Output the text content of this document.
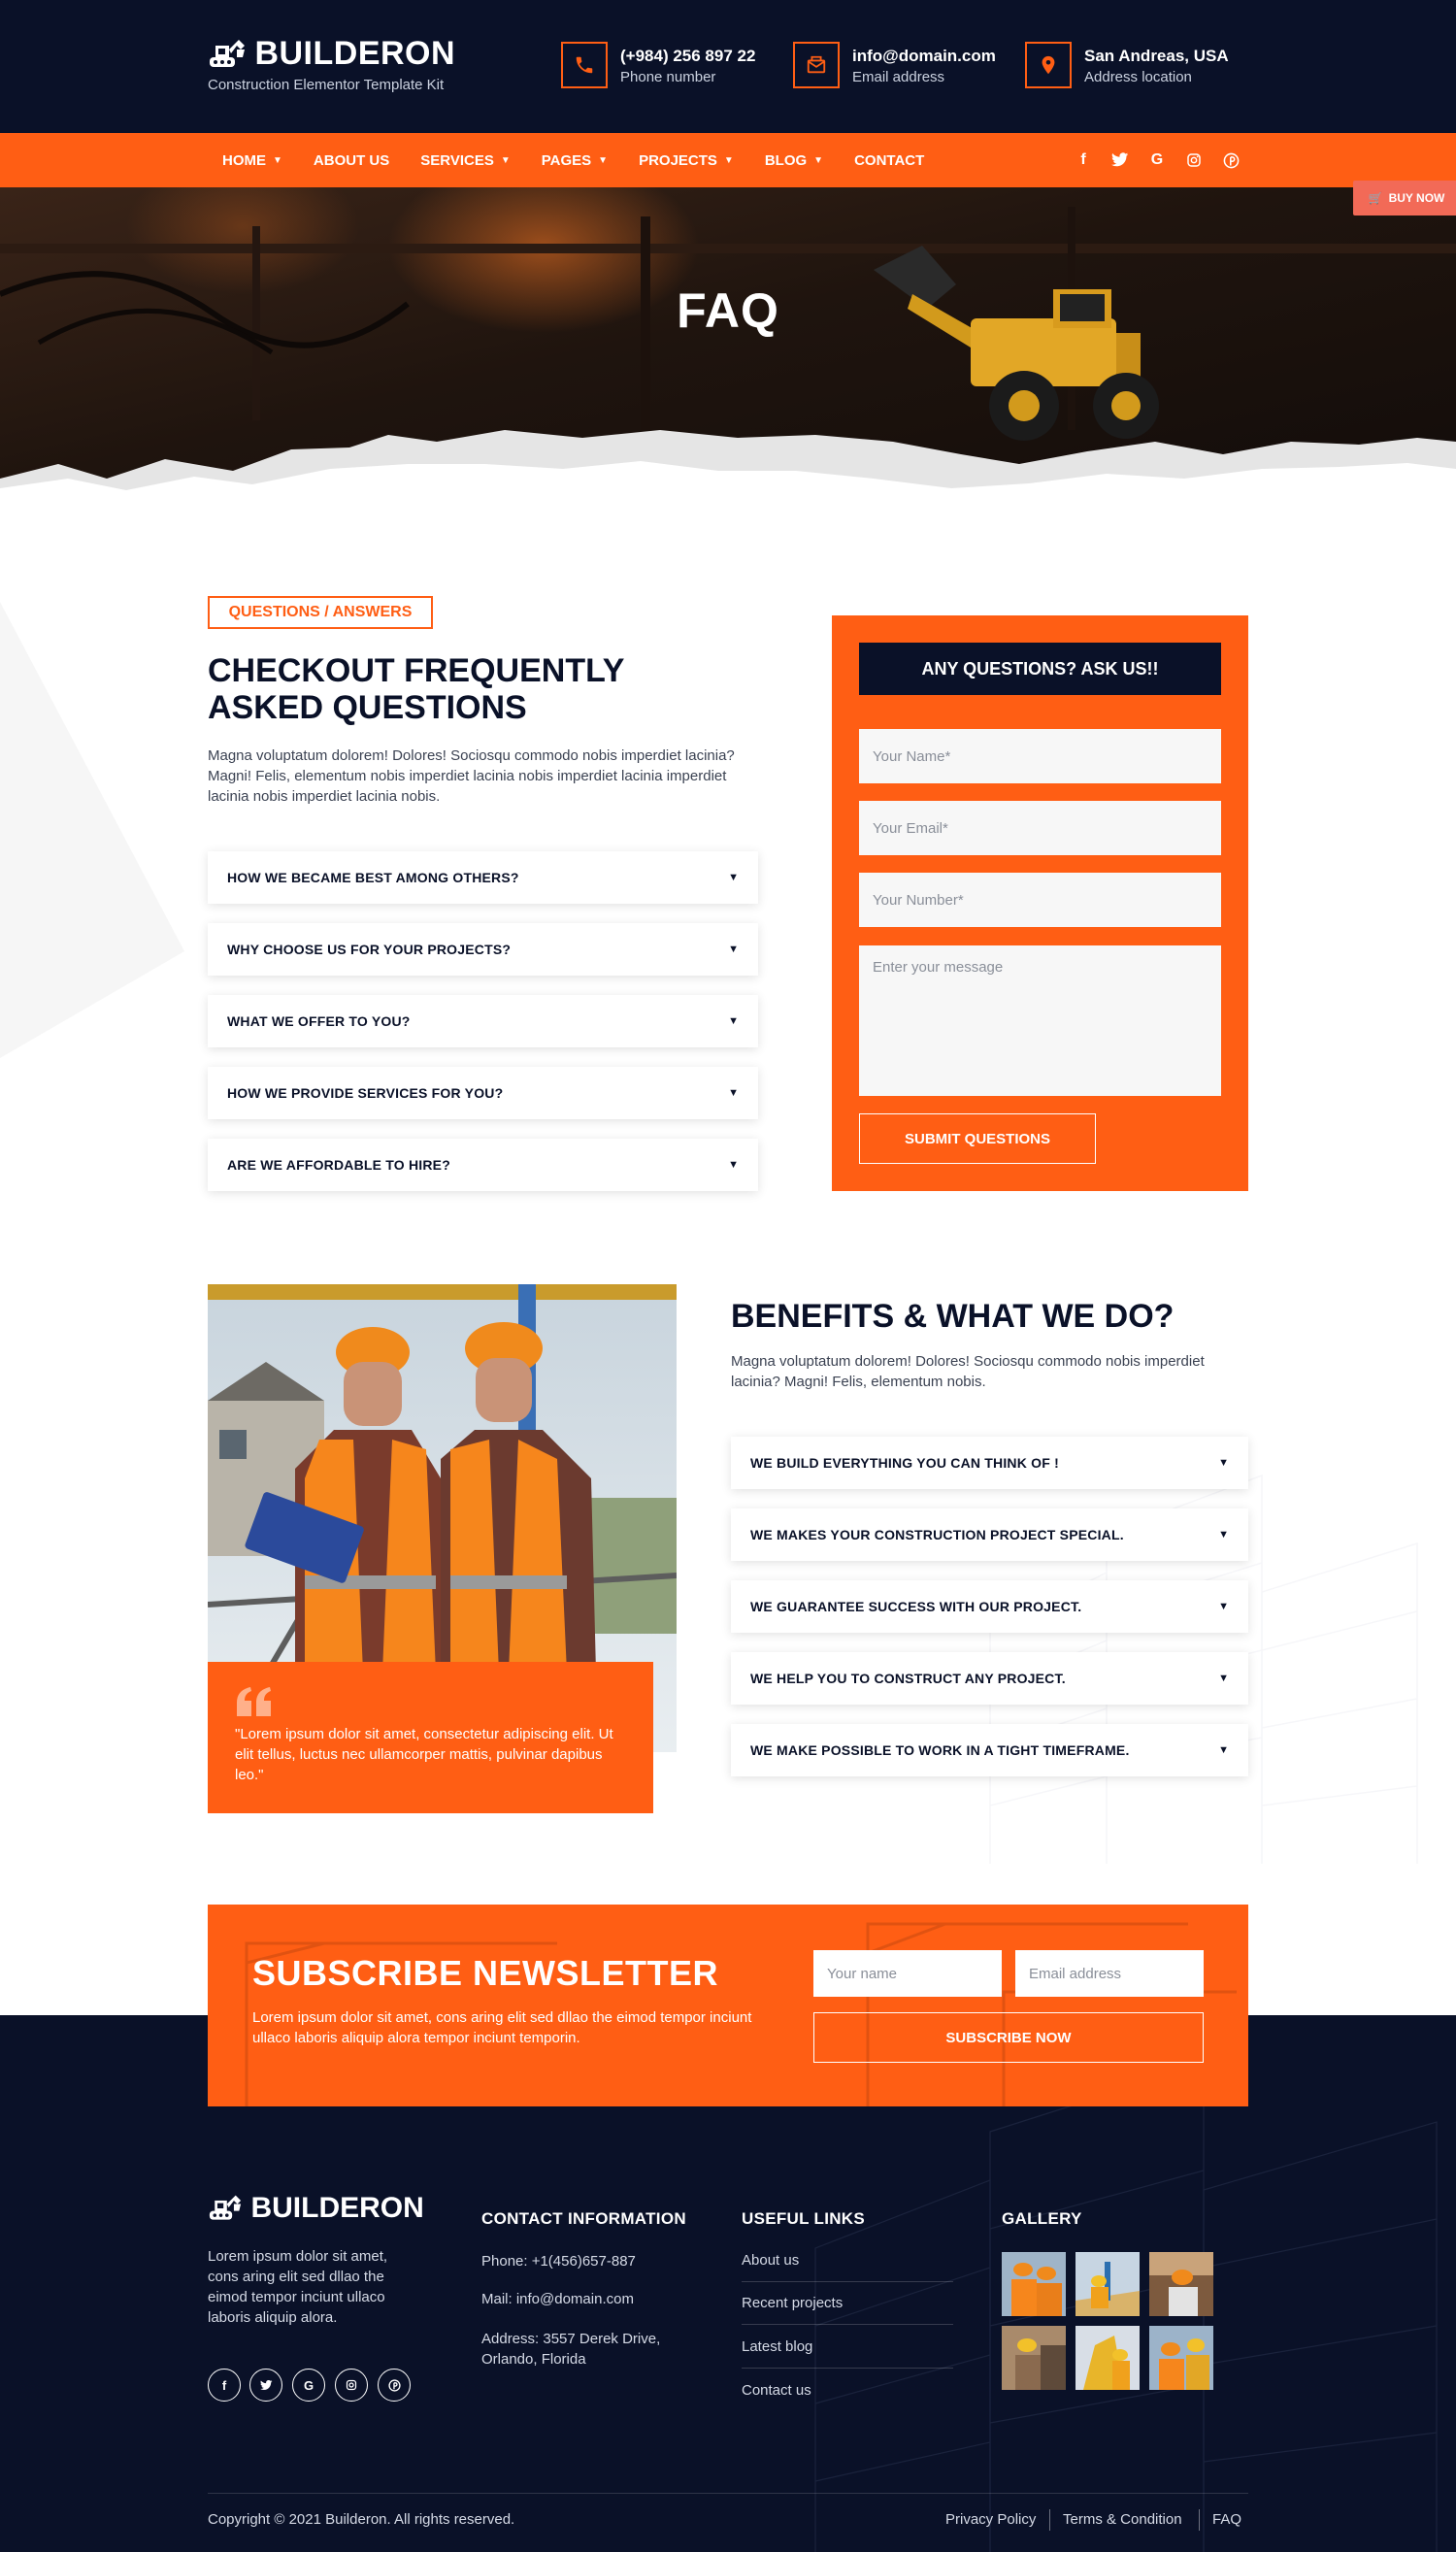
BUILDERON
Construction Elementor Template Kit
(+984) 256 897 22
Phone number
info@domain.com
Email address
San Andreas, USA
Address location
HOME ▼ ABOUT US SERVICES ▼ PAGES ▼ PROJECTS ▼ BLOG ▼ CONTACT	f	G
FAQ
🛒 BUY NOW
QUESTIONS / ANSWERS
CHECKOUT FREQUENTLY
ASKED QUESTIONS
Magna voluptatum dolorem! Dolores! Sociosqu commodo nobis imperdiet lacinia? Magni! Felis, elementum nobis imperdiet lacinia nobis imperdiet lacinia imperdiet lacinia nobis imperdiet lacinia nobis.
HOW WE BECAME BEST AMONG OTHERS?	▼
WHY CHOOSE US FOR YOUR PROJECTS?	▼
WHAT WE OFFER TO YOU?	▼
HOW WE PROVIDE SERVICES FOR YOU?	▼
ARE WE AFFORDABLE TO HIRE?	▼
ANY QUESTIONS? ASK US!!
Your Name*
Your Email*
Your Number*
Enter your message
SUBMIT QUESTIONS
"Lorem ipsum dolor sit amet, consectetur adipiscing elit. Ut elit tellus, luctus nec ullamcorper mattis, pulvinar dapibus leo."
BENEFITS & WHAT WE DO?
Magna voluptatum dolorem! Dolores! Sociosqu commodo nobis imperdiet lacinia? Magni! Felis, elementum nobis.
WE BUILD EVERYTHING YOU CAN THINK OF !	▼
WE MAKES YOUR CONSTRUCTION PROJECT SPECIAL.	▼
WE GUARANTEE SUCCESS WITH OUR PROJECT.	▼
WE HELP YOU TO CONSTRUCT ANY PROJECT.	▼
WE MAKE POSSIBLE TO WORK IN A TIGHT TIMEFRAME.	▼
SUBSCRIBE NEWSLETTER
Lorem ipsum dolor sit amet, cons aring elit sed dllao the eimod tempor inciunt ullaco laboris aliquip alora tempor inciunt temporin.
Your name
Email address	SUBSCRIBE NOW
BUILDERON
Lorem ipsum dolor sit amet, cons aring elit sed dllao the eimod tempor inciunt ullaco laboris aliquip alora.
f	G
CONTACT INFORMATION
Phone: +1(456)657-887
Mail: info@domain.com
Address: 3557 Derek Drive, Orlando, Florida
USEFUL LINKS
About us
Recent projects
Latest blog
Contact us
GALLERY
Copyright © 2021 Builderon. All rights reserved.	Privacy Policy Terms & Condition FAQ
